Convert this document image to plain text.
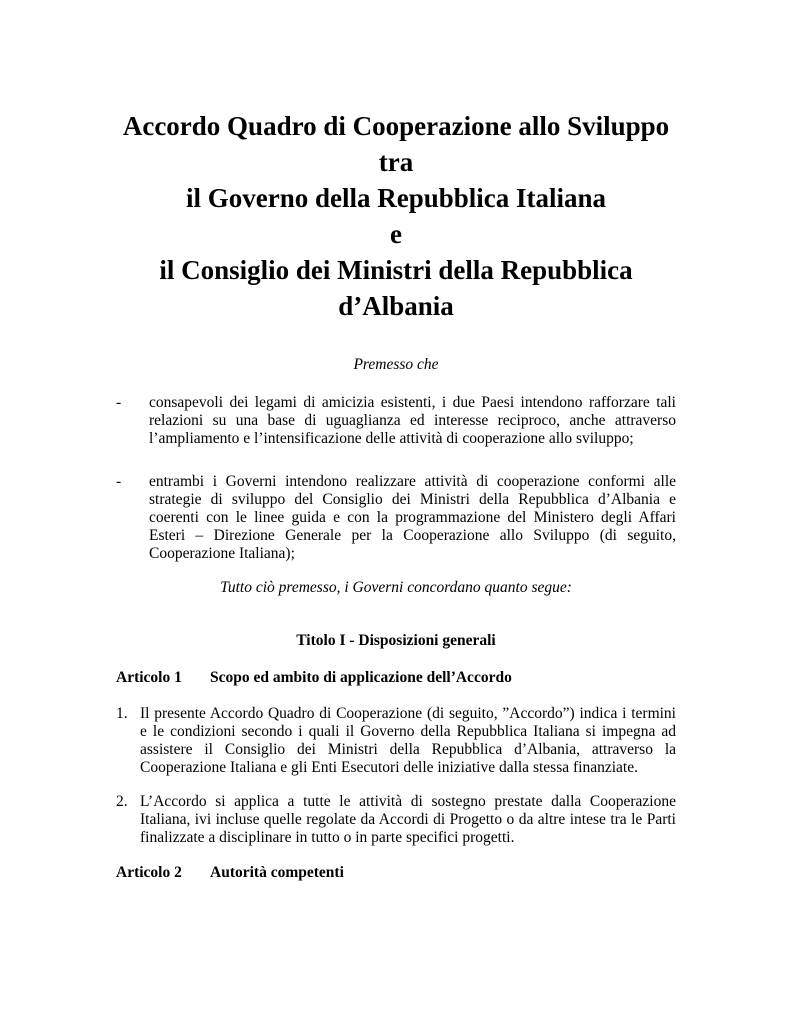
Accordo Quadro di Cooperazione allo Sviluppo

tra

il Governo della Repubblica Italiana

e

il Consiglio dei Ministri della Repubblica

d’Albania

Premesso che
-	consapevoli dei legami di amicizia esistenti, i due Paesi intendono rafforzare tali
relazioni su una base di uguaglianza ed interesse reciproco, anche attraverso
l’ampliamento e l’intensificazione delle attività di cooperazione allo sviluppo;
-	entrambi i Governi intendono realizzare attività di cooperazione conformi alle
strategie di sviluppo del Consiglio dei Ministri della Repubblica d’Albania e
coerenti con le linee guida e con la programmazione del Ministero degli Affari
Esteri – Direzione Generale per la Cooperazione allo Sviluppo (di seguito,
Cooperazione Italiana);
Tutto ciò premesso, i Governi concordano quanto segue:
Titolo I - Disposizioni generali
Articolo 1 Scopo ed ambito di applicazione dell’Accordo
1. Il presente Accordo Quadro di Cooperazione (di seguito, ”Accordo”) indica i termini
e le condizioni secondo i quali il Governo della Repubblica Italiana si impegna ad
assistere il Consiglio dei Ministri della Repubblica d’Albania, attraverso la
Cooperazione Italiana e gli Enti Esecutori delle iniziative dalla stessa finanziate.
2. L’Accordo si applica a tutte le attività di sostegno prestate dalla Cooperazione
Italiana, ivi incluse quelle regolate da Accordi di Progetto o da altre intese tra le Parti
finalizzate a disciplinare in tutto o in parte specifici progetti.
Articolo 2 Autorità competenti
